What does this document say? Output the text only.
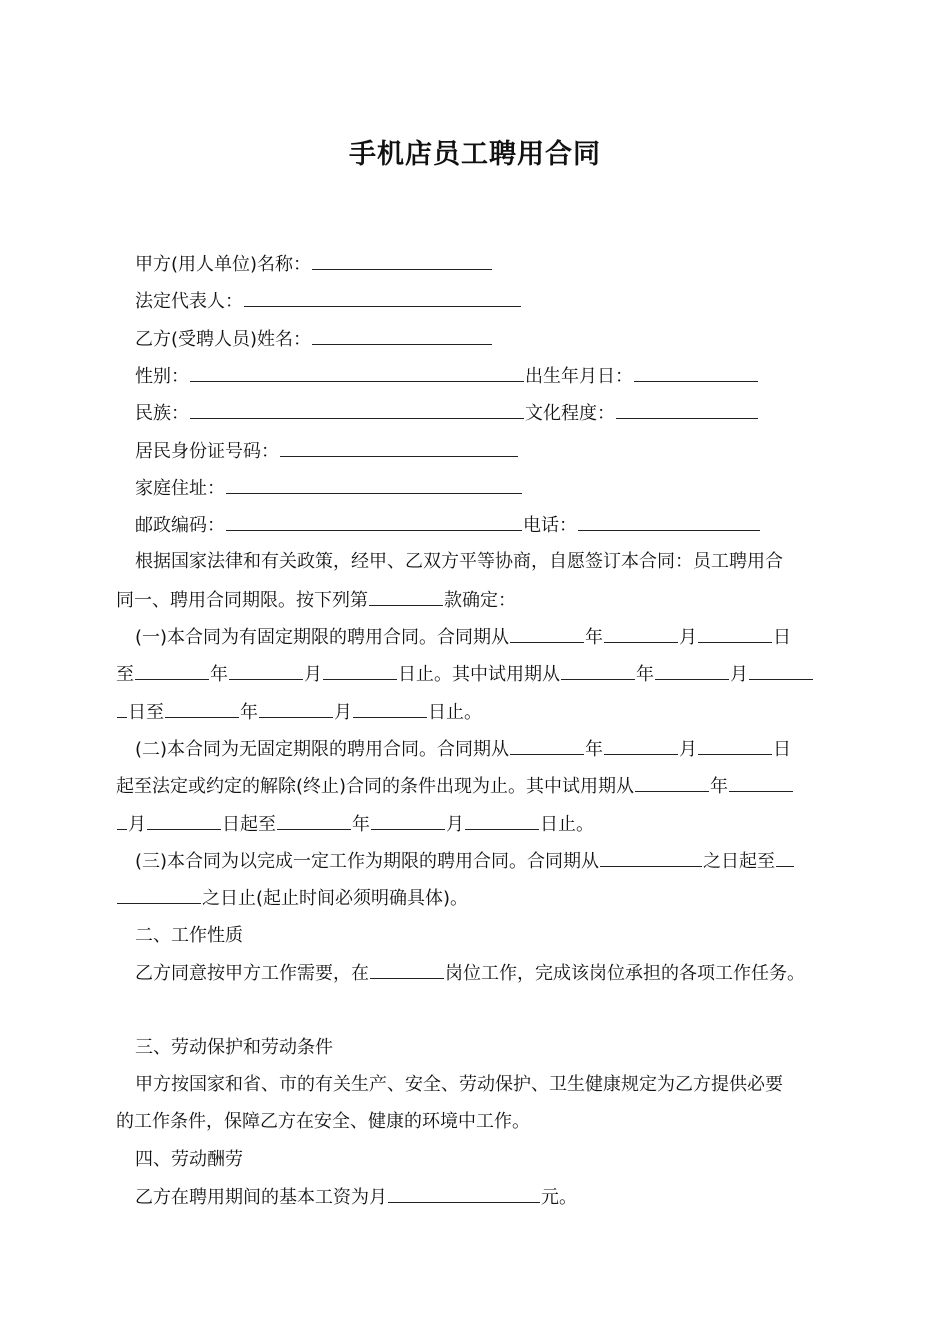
手机店员工聘用合同
甲方(用人单位)名称：
法定代表人：
乙方(受聘人员)姓名：
性别：	出生年月日：
民族：	文化程度：
居民身份证号码：
家庭住址：
邮政编码：	电话：
根据国家法律和有关政策，经甲、乙双方平等协商，自愿签订本合同：员工聘用合
同一、聘用合同期限。按下列第	款确定：
(一)本合同为有固定期限的聘用合同。合同期从	年	月	日
至	年	月	日止。其中试用期从	年	月
日至	年	月	日止。
(二)本合同为无固定期限的聘用合同。合同期从	年	月	日
起至法定或约定的解除(终止)合同的条件出现为止。其中试用期从	年
月	日起至	年	月	日止。
(三)本合同为以完成一定工作为期限的聘用合同。合同期从	之日起至
之日止(起止时间必须明确具体)。
二、工作性质
乙方同意按甲方工作需要，在	岗位工作，完成该岗位承担的各项工作任务。
三、劳动保护和劳动条件
甲方按国家和省、市的有关生产、安全、劳动保护、卫生健康规定为乙方提供必要
的工作条件，保障乙方在安全、健康的环境中工作。
四、劳动酬劳
乙方在聘用期间的基本工资为月	元。
